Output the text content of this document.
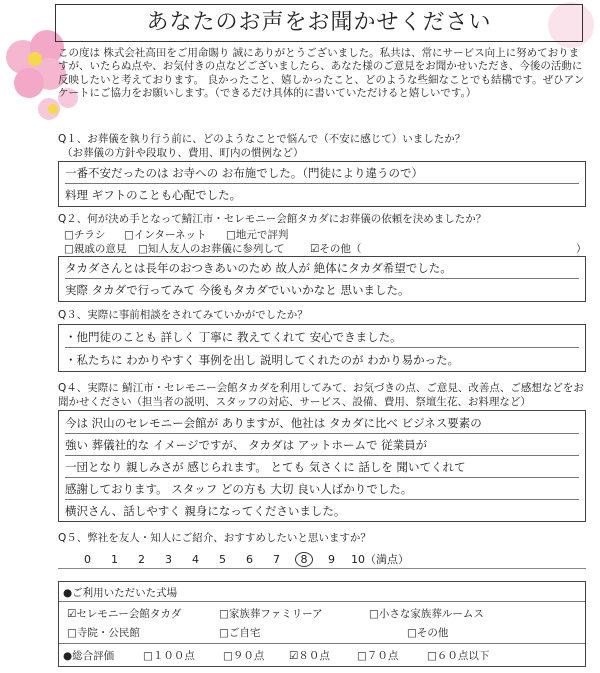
あなたのお声をお聞かせください
この度は 株式会社高田をご用命賜り 誠にありがとうございました。私共は、常にサービス向上に努めておりますが、いたらぬ点や、お気付きの点などございましたら、あなた様のご意見をお聞かせいただき、今後の活動に反映したいと考えております。 良かったこと、嬉しかったこと、どのような些細なことでも結構です。ぜひアンケートにご協力をお願いします。（できるだけ具体的に書いていただけると嬉しいです。）
Q１、お葬儀を執り行う前に、どのようなことで悩んで（不安に感じて）いましたか？
（お葬儀の方針や段取り、費用、町内の慣例など）
一番不安だったのは お寺への お布施でした。（門徒により違うので）
料理 ギフトのことも心配でした。
Q２、何が決め手となって鯖江市・セレモニー会館タカダにお葬儀の依頼を決めましたか？
□チラシ □インターネット □地元で評判
□親戚の意見 □知人友人のお葬儀に参列して ☑その他（	）
タカダさんとは長年のおつきあいのため 故人が 絶体にタカダ希望でした。
実際 タカダで行ってみて 今後もタカダでいいかなと 思いました。
Q３、実際に事前相談をされてみていかがでしたか？
・他門徒のことも 詳しく 丁寧に 教えてくれて 安心できました。
・私たちに わかりやすく 事例を出し 説明してくれたのが わかり易かった。
Q４、実際に 鯖江市・セレモニー会館タカダを利用してみて、お気づきの点、ご意見、改善点、ご感想などをお聞かせください（担当者の説明、スタッフの対応、サービス、設備、費用、祭壇生花、お料理など）
今は 沢山のセレモニー会館が ありますが、他社は タカダに比べ ビジネス要素の
強い 葬儀社的な イメージですが、 タカダは アットホームで 従業員が
一団となり 親しみさが 感じられます。 とても 気さくに 話しを 聞いてくれて
感謝しております。 スタッフ どの方も 大切 良い人ばかりでした。
横沢さん、話しやすく 親身になってくださいました。
Q５、弊社を友人・知人にご紹介、おすすめしたいと思いますか？
0 1 2 3 4 5 6 7 8 9 10（満点）
●ご利用いただいた式場
☑セレモニー会館タカダ	□家族葬ファミリーア	□小さな家族葬ルームス
□寺院・公民館	□ご自宅	□その他
●総合評価	□１００点	□９０点 ☑８０点	□７０点	□６０点以下
